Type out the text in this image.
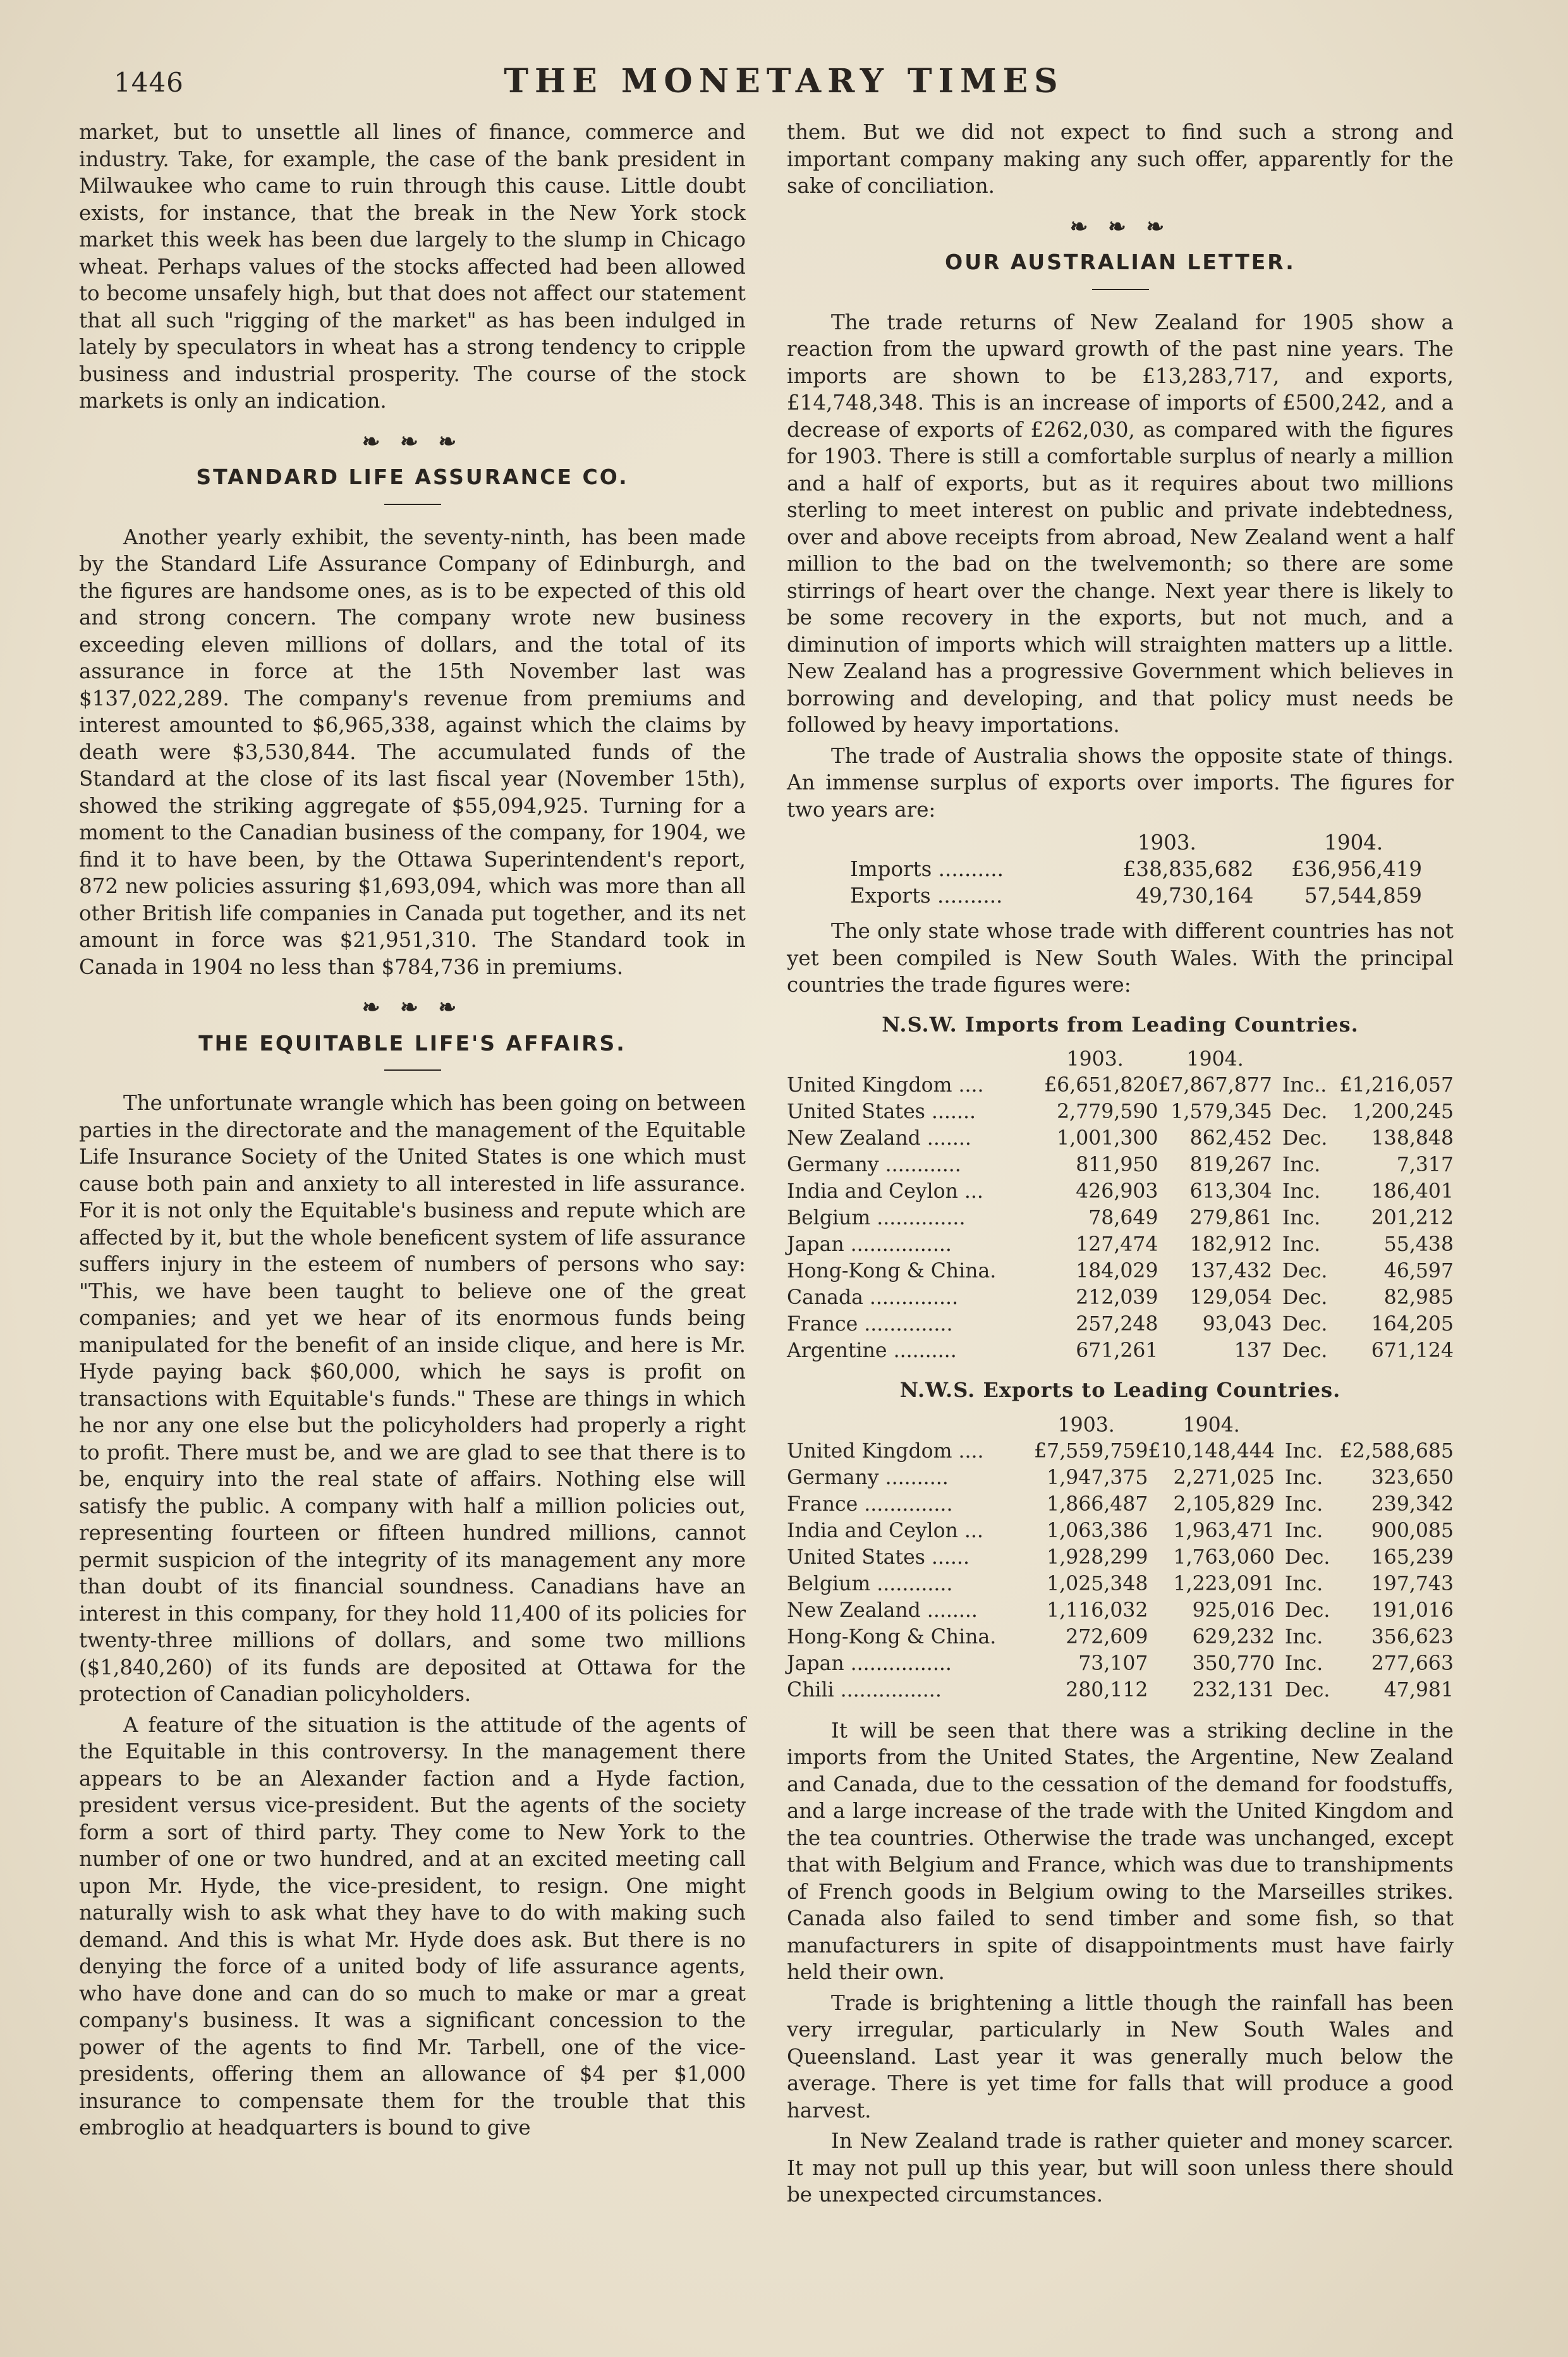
1446	THE MONETARY TIMES

market, but to unsettle all lines of finance, commerce and industry. Take, for example, the case of the bank president in Milwaukee who came to ruin through this cause. Little doubt exists, for instance, that the break in the New York stock market this week has been due largely to the slump in Chicago wheat. Perhaps values of the stocks affected had been allowed to become unsafely high, but that does not affect our statement that all such "rigging of the market" as has been indulged in lately by speculators in wheat has a strong tendency to cripple business and industrial prosperity. The course of the stock markets is only an indication.

❧ ❧ ❧
STANDARD LIFE ASSURANCE CO.

Another yearly exhibit, the seventy-ninth, has been made by the Standard Life Assurance Company of Edinburgh, and the figures are handsome ones, as is to be expected of this old and strong concern. The company wrote new business exceeding eleven millions of dollars, and the total of its assurance in force at the 15th November last was $137,022,289. The company's revenue from premiums and interest amounted to $6,965,338, against which the claims by death were $3,530,844. The accumulated funds of the Standard at the close of its last fiscal year (November 15th), showed the striking aggregate of $55,094,925. Turning for a moment to the Canadian business of the company, for 1904, we find it to have been, by the Ottawa Superintendent's report, 872 new policies assuring $1,693,094, which was more than all other British life companies in Canada put together, and its net amount in force was $21,951,310. The Standard took in Canada in 1904 no less than $784,736 in premiums.

❧ ❧ ❧
THE EQUITABLE LIFE'S AFFAIRS.

The unfortunate wrangle which has been going on between parties in the directorate and the management of the Equitable Life Insurance Society of the United States is one which must cause both pain and anxiety to all interested in life assurance. For it is not only the Equitable's business and repute which are affected by it, but the whole beneficent system of life assurance suffers injury in the esteem of numbers of persons who say: "This, we have been taught to believe one of the great companies; and yet we hear of its enormous funds being manipulated for the benefit of an inside clique, and here is Mr. Hyde paying back $60,000, which he says is profit on transactions with Equitable's funds." These are things in which he nor any one else but the policyholders had properly a right to profit. There must be, and we are glad to see that there is to be, enquiry into the real state of affairs. Nothing else will satisfy the public. A company with half a million policies out, representing fourteen or fifteen hundred millions, cannot permit suspicion of the integrity of its management any more than doubt of its financial soundness. Canadians have an interest in this company, for they hold 11,400 of its policies for twenty-three millions of dollars, and some two millions ($1,840,260) of its funds are deposited at Ottawa for the protection of Canadian policyholders.

A feature of the situation is the attitude of the agents of the Equitable in this controversy. In the management there appears to be an Alexander faction and a Hyde faction, president versus vice-president. But the agents of the society form a sort of third party. They come to New York to the number of one or two hundred, and at an excited meeting call upon Mr. Hyde, the vice-president, to resign. One might naturally wish to ask what they have to do with making such demand. And this is what Mr. Hyde does ask. But there is no denying the force of a united body of life assurance agents, who have done and can do so much to make or mar a great company's business. It was a significant concession to the power of the agents to find Mr. Tarbell, one of the vice-presidents, offering them an allowance of $4 per $1,000 insurance to compensate them for the trouble that this embroglio at headquarters is bound to give

them. But we did not expect to find such a strong and important company making any such offer, apparently for the sake of conciliation.

❧ ❧ ❧
OUR AUSTRALIAN LETTER.

The trade returns of New Zealand for 1905 show a reaction from the upward growth of the past nine years. The imports are shown to be £13,283,717, and exports, £14,748,348. This is an increase of imports of £500,242, and a decrease of exports of £262,030, as compared with the figures for 1903. There is still a comfortable surplus of nearly a million and a half of exports, but as it requires about two millions sterling to meet interest on public and private indebtedness, over and above receipts from abroad, New Zealand went a half million to the bad on the twelvemonth; so there are some stirrings of heart over the change. Next year there is likely to be some recovery in the exports, but not much, and a diminution of imports which will straighten matters up a little. New Zealand has a progressive Government which believes in borrowing and developing, and that policy must needs be followed by heavy importations.

The trade of Australia shows the opposite state of things. An immense surplus of exports over imports. The figures for two years are:

	1903.	1904.
Imports ..........	£38,835,682	£36,956,419
Exports ..........	49,730,164	57,544,859

The only state whose trade with different countries has not yet been compiled is New South Wales. With the principal countries the trade figures were:

N.S.W. Imports from Leading Countries.
	1903.	1904.		
United Kingdom ....	£6,651,820	£7,867,877	Inc..	£1,216,057
United States .......	2,779,590	1,579,345	Dec.	1,200,245
New Zealand .......	1,001,300	862,452	Dec.	138,848
Germany ............	811,950	819,267	Inc.	7,317
India and Ceylon ...	426,903	613,304	Inc.	186,401
Belgium ..............	78,649	279,861	Inc.	201,212
Japan ................	127,474	182,912	Inc.	55,438
Hong-Kong & China.	184,029	137,432	Dec.	46,597
Canada ..............	212,039	129,054	Dec.	82,985
France ..............	257,248	93,043	Dec.	164,205
Argentine ..........	671,261	137	Dec.	671,124
N.W.S. Exports to Leading Countries.
	1903.	1904.		
United Kingdom ....	£7,559,759	£10,148,444	Inc.	£2,588,685
Germany ..........	1,947,375	2,271,025	Inc.	323,650
France ..............	1,866,487	2,105,829	Inc.	239,342
India and Ceylon ...	1,063,386	1,963,471	Inc.	900,085
United States ......	1,928,299	1,763,060	Dec.	165,239
Belgium ............	1,025,348	1,223,091	Inc.	197,743
New Zealand ........	1,116,032	925,016	Dec.	191,016
Hong-Kong & China.	272,609	629,232	Inc.	356,623
Japan ................	73,107	350,770	Inc.	277,663
Chili ................	280,112	232,131	Dec.	47,981

It will be seen that there was a striking decline in the imports from the United States, the Argentine, New Zealand and Canada, due to the cessation of the demand for foodstuffs, and a large increase of the trade with the United Kingdom and the tea countries. Otherwise the trade was unchanged, except that with Belgium and France, which was due to transhipments of French goods in Belgium owing to the Marseilles strikes. Canada also failed to send timber and some fish, so that manufacturers in spite of disappointments must have fairly held their own.

Trade is brightening a little though the rainfall has been very irregular, particularly in New South Wales and Queensland. Last year it was generally much below the average. There is yet time for falls that will produce a good harvest.

In New Zealand trade is rather quieter and money scarcer. It may not pull up this year, but will soon unless there should be unexpected circumstances.
